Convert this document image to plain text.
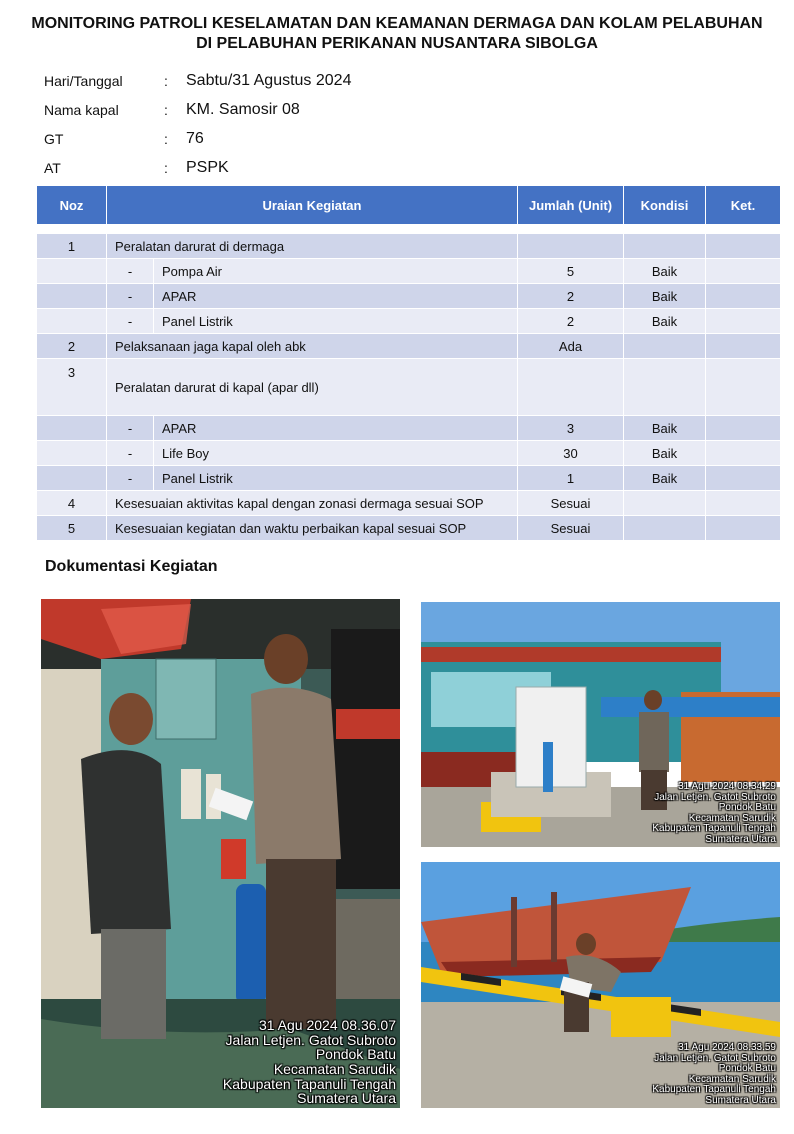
MONITORING PATROLI KESELAMATAN DAN KEAMANAN DERMAGA DAN KOLAM PELABUHAN
DI PELABUHAN PERIKANAN NUSANTARA SIBOLGA
Hari/Tanggal	:	Sabtu/31 Agustus 2024
Nama kapal	:	KM. Samosir 08
GT	:	76
AT	:	PSPK
Noz	Uraian Kegiatan	Jumlah (Unit)	Kondisi	Ket.

1	Peralatan darurat di dermaga			

	- Pompa Air	5	Baik	

	- APAR	2	Baik	

	- Panel Listrik	2	Baik	
2	Pelaksanaan jaga kapal oleh abk	Ada		
3	Peralatan darurat di kapal (apar dll)			

	- APAR	3	Baik	

	- Life Boy	30	Baik	

	- Panel Listrik	1	Baik	
4	Kesesuaian aktivitas kapal dengan zonasi dermaga sesuai SOP	Sesuai		
5	Kesesuaian kegiatan dan waktu perbaikan kapal sesuai SOP	Sesuai		
Dokumentasi Kegiatan
31 Agu 2024 08.36.07
Jalan Letjen. Gatot Subroto
Pondok Batu
Kecamatan Sarudik
Kabupaten Tapanuli Tengah
Sumatera Utara
31 Agu 2024 08.34.29
Jalan Letjen. Gatot Subroto
Pondok Batu
Kecamatan Sarudik
Kabupaten Tapanuli Tengah
Sumatera Utara
31 Agu 2024 08.33.59
Jalan Letjen. Gatot Subroto
Pondok Batu
Kecamatan Sarudik
Kabupaten Tapanuli Tengah
Sumatera Utara
